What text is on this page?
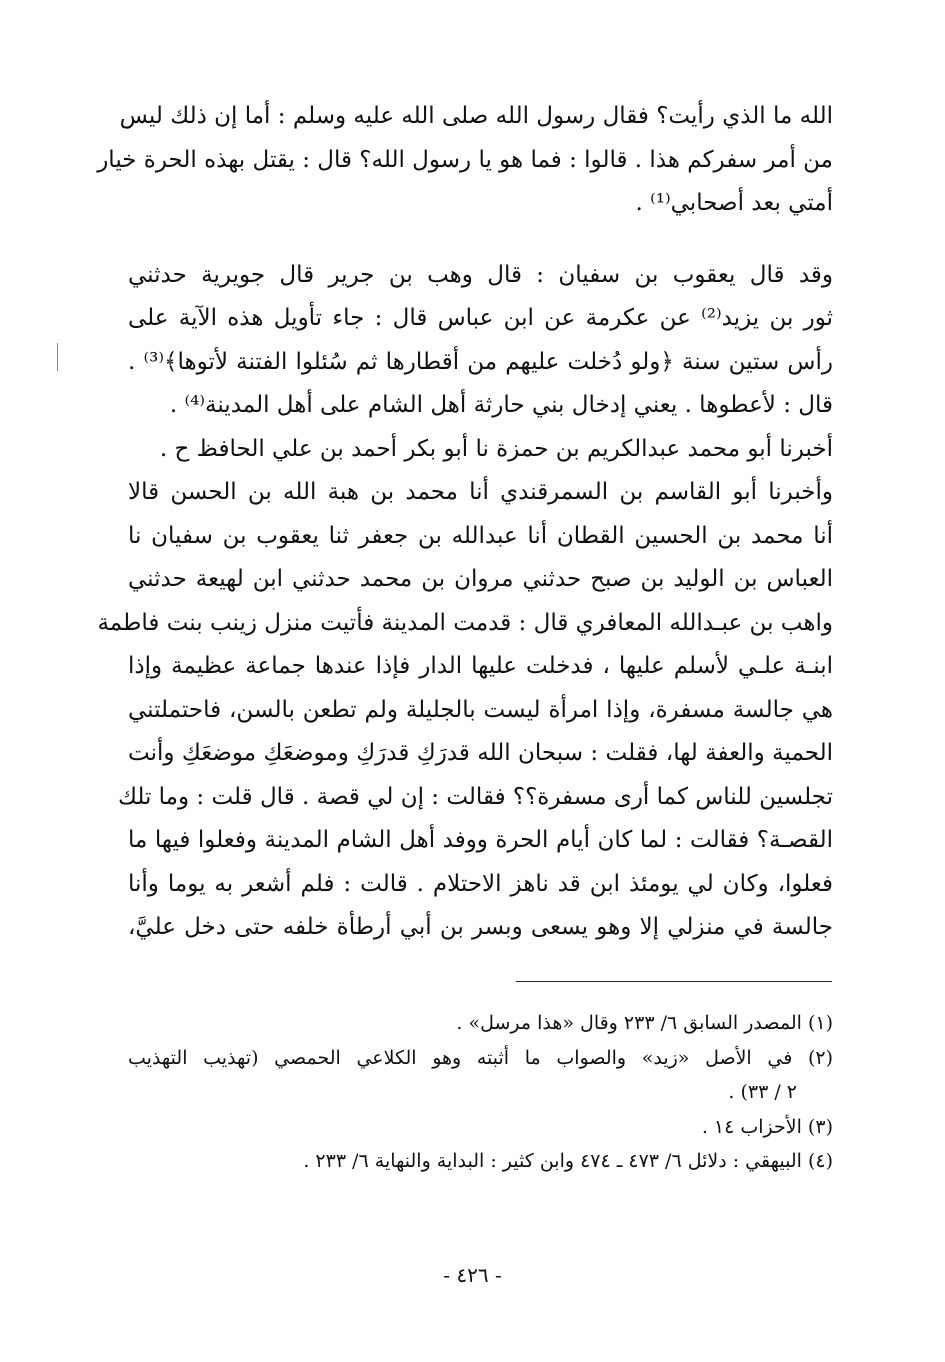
الله ما الذي رأيت؟ فقال رسول الله صلى الله عليه وسلم : أما إن ذلك ليس
من أمر سفركم هذا . قالوا : فما هو يا رسول الله؟ قال : يقتل بهذه الحرة خيار
أمتي بعد أصحابي⁽¹⁾ .
وقد قال يعقوب بن سفيان : قال وهب بن جرير قال جويرية حدثني
ثور بن يزيد⁽²⁾ عن عكرمة عن ابن عباس قال : جاء تأويل هذه الآية على
رأس ستين سنة ﴿ولو دُخلت عليهم من أقطارها ثم سُئلوا الفتنة لأتوها﴾⁽³⁾ .
قال : لأعطوها . يعني إدخال بني حارثة أهل الشام على أهل المدينة⁽⁴⁾ .
أخبرنا أبو محمد عبدالكريم بن حمزة نا أبو بكر أحمد بن علي الحافظ ح .
وأخبرنا أبو القاسم بن السمرقندي أنا محمد بن هبة الله بن الحسن قالا
أنا محمد بن الحسين القطان أنا عبدالله بن جعفر ثنا يعقوب بن سفيان نا
العباس بن الوليد بن صبح حدثني مروان بن محمد حدثني ابن لهيعة حدثني
واهب بن عبـدالله المعافري قال : قدمت المدينة فأتيت منزل زينب بنت فاطمة
ابنـة علـي لأسلم عليها ، فدخلت عليها الدار فإذا عندها جماعة عظيمة وإذا
هي جالسة مسفرة، وإذا امرأة ليست بالجليلة ولم تطعن بالسن، فاحتملتني
الحمية والعفة لها، فقلت : سبحان الله قدرَكِ قدرَكِ وموضعَكِ موضعَكِ وأنت
تجلسين للناس كما أرى مسفرة؟؟ فقالت : إن لي قصة . قال قلت : وما تلك
القصـة؟ فقالت : لما كان أيام الحرة ووفد أهل الشام المدينة وفعلوا فيها ما
فعلوا، وكان لي يومئذ ابن قد ناهز الاحتلام . قالت : فلم أشعر به يوما وأنا
جالسة في منزلي إلا وهو يسعى وبسر بن أبي أرطأة خلفه حتى دخل عليَّ،
(١) المصدر السابق ٦/ ٢٣٣ وقال «هذا مرسل» .
(٢) في الأصل «زيد» والصواب ما أثبته وهو الكلاعي الحمصي (تهذيب التهذيب
٢ / ٣٣) .
(٣) الأحزاب ١٤ .
(٤) البيهقي : دلائل ٦/ ٤٧٣ ـ ٤٧٤ وابن كثير : البداية والنهاية ٦/ ٢٣٣ .
- ٤٢٦ -
